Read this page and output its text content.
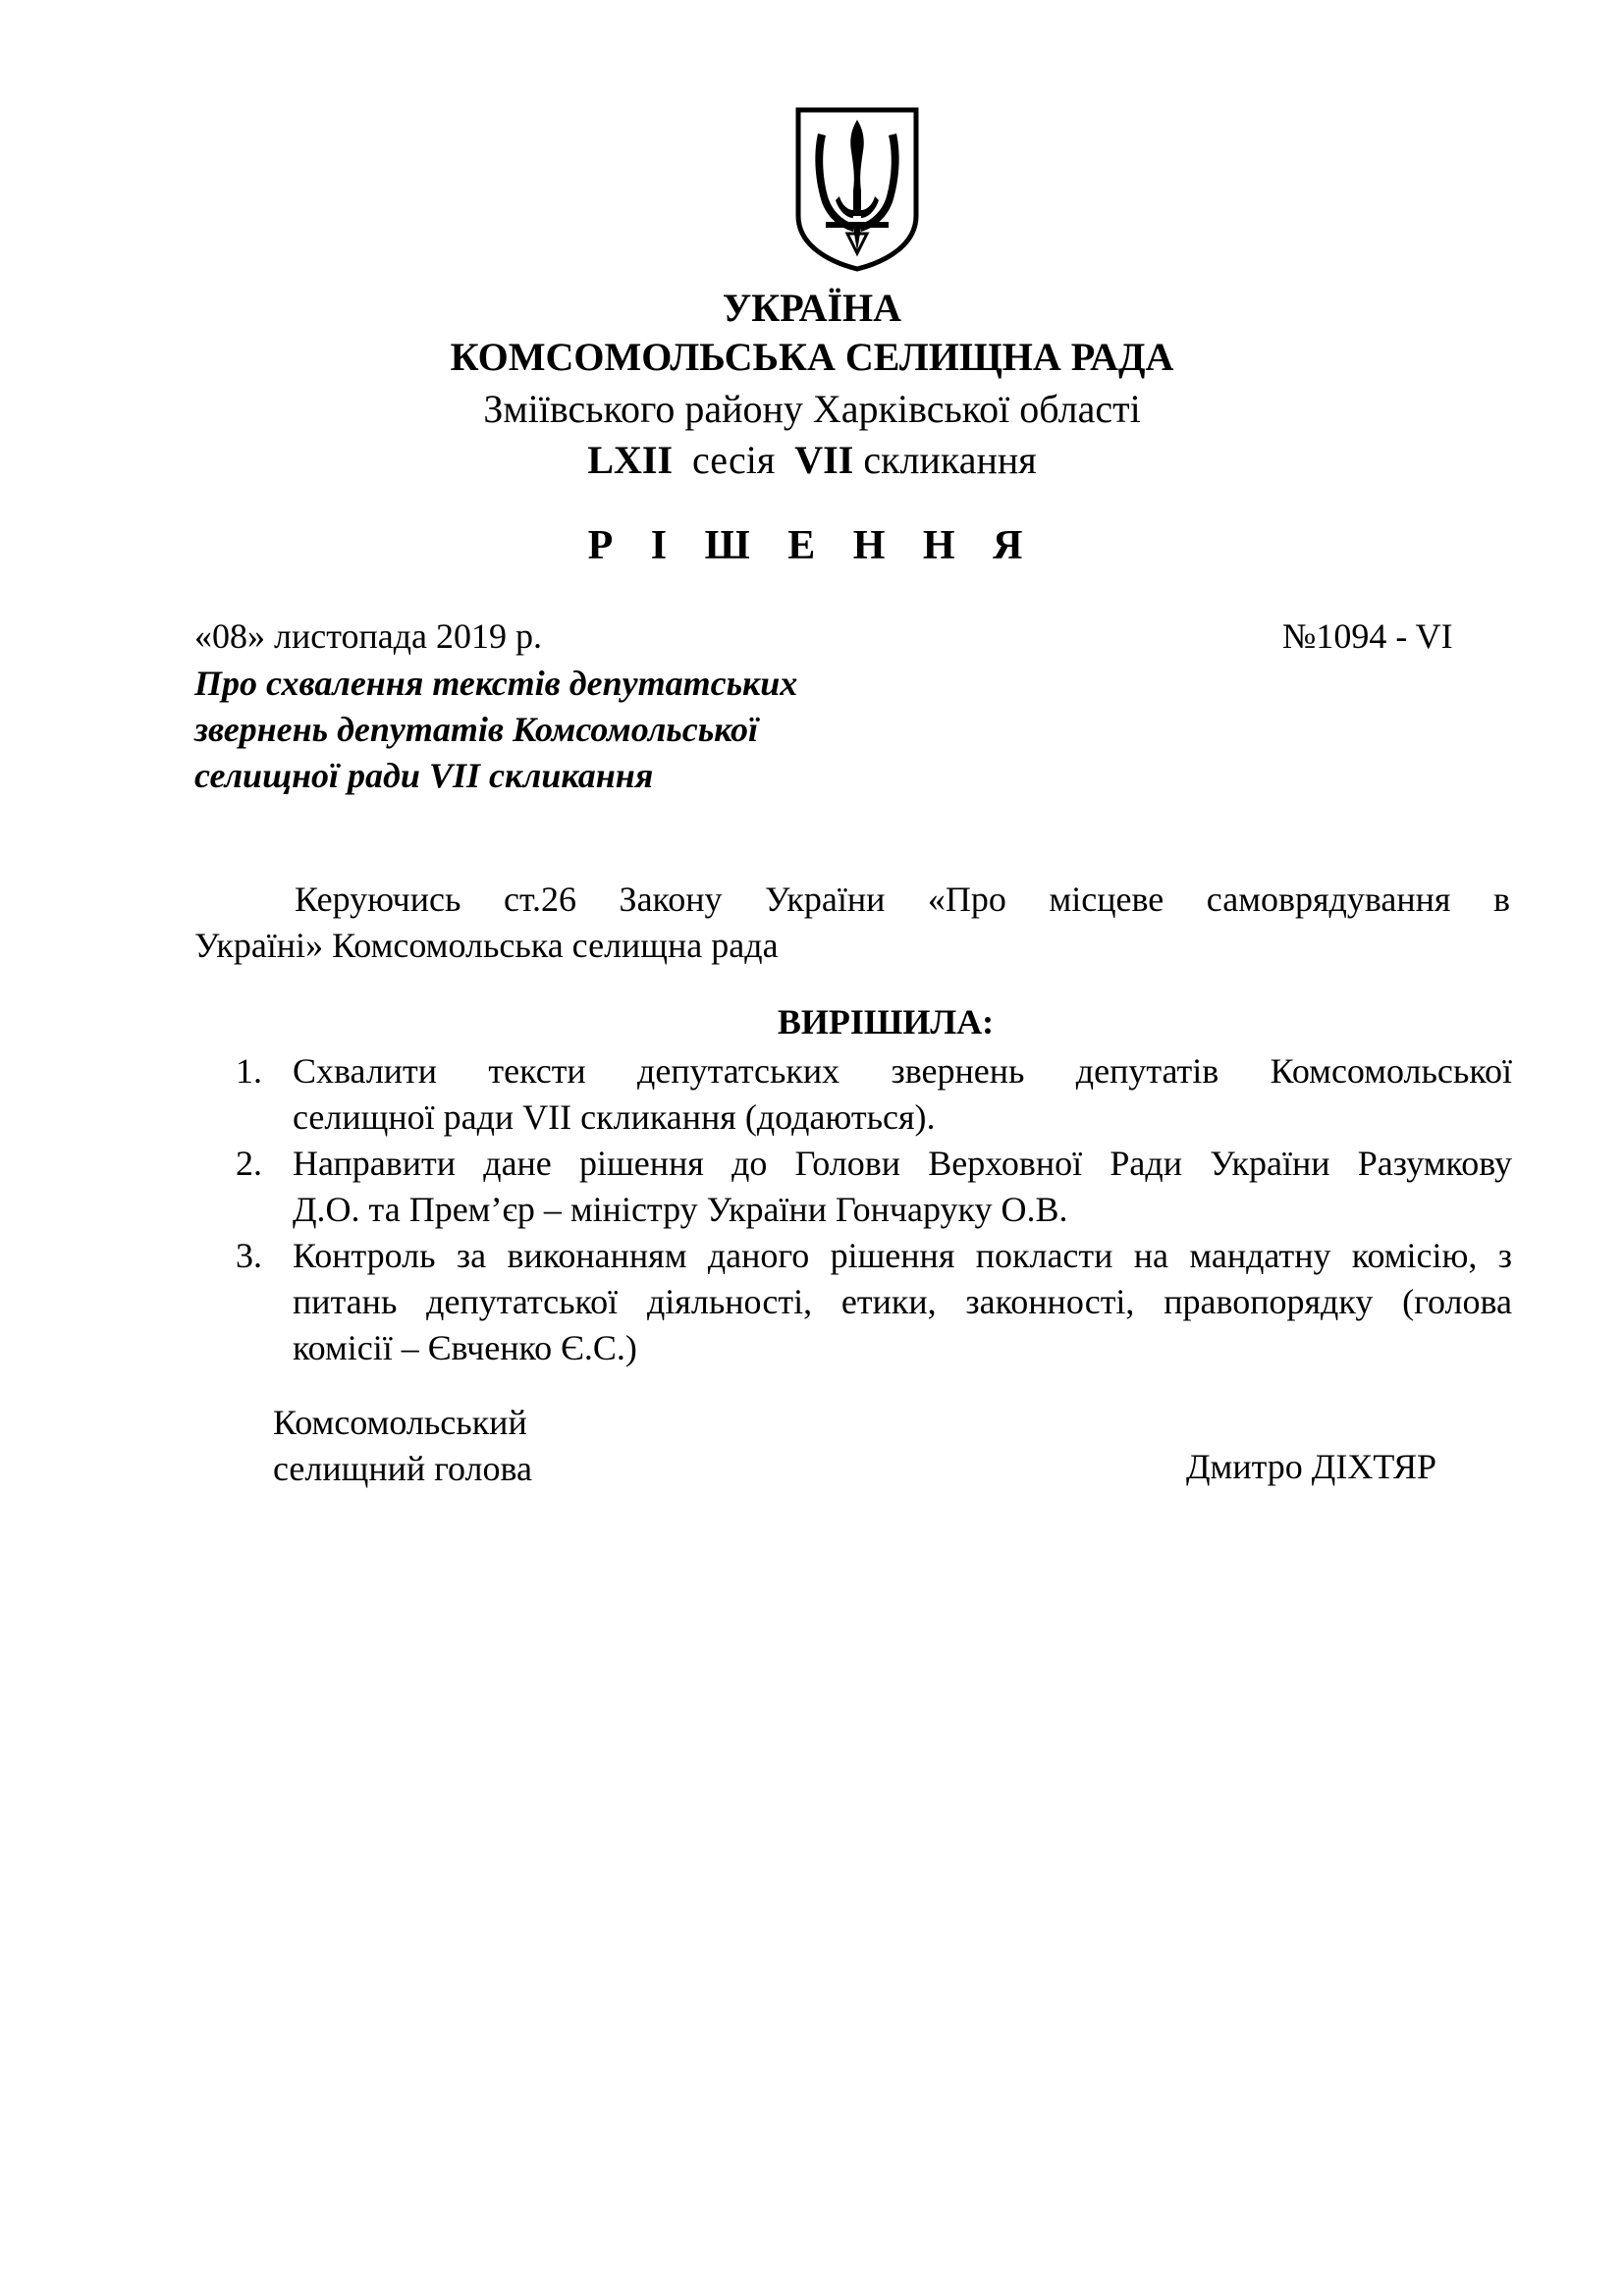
УКРАЇНА
КОМСОМОЛЬСЬКА СЕЛИЩНА РАДА
Зміївського району Харківської області
LXII сесія VII скликання
Р І Ш Е Н Н Я
«08» листопада 2019 р.	№1094 - VI
Про схвалення текстів депутатських
звернень депутатів Комсомольської
селищної ради VII скликання
Керуючись ст.26 Закону України «Про місцеве самоврядування в
Україні» Комсомольська селищна рада
ВИРІШИЛА:
1. Схвалити тексти депутатських звернень депутатів Комсомольської
селищної ради VII скликання (додаються).
2. Направити дане рішення до Голови Верховної Ради України Разумкову
Д.О. та Прем’єр – міністру України Гончаруку О.В.
3. Контроль за виконанням даного рішення покласти на мандатну комісію, з
питань депутатської діяльності, етики, законності, правопорядку (голова
комісії – Євченко Є.С.)
Комсомольський
селищний голова	Дмитро ДІХТЯР
